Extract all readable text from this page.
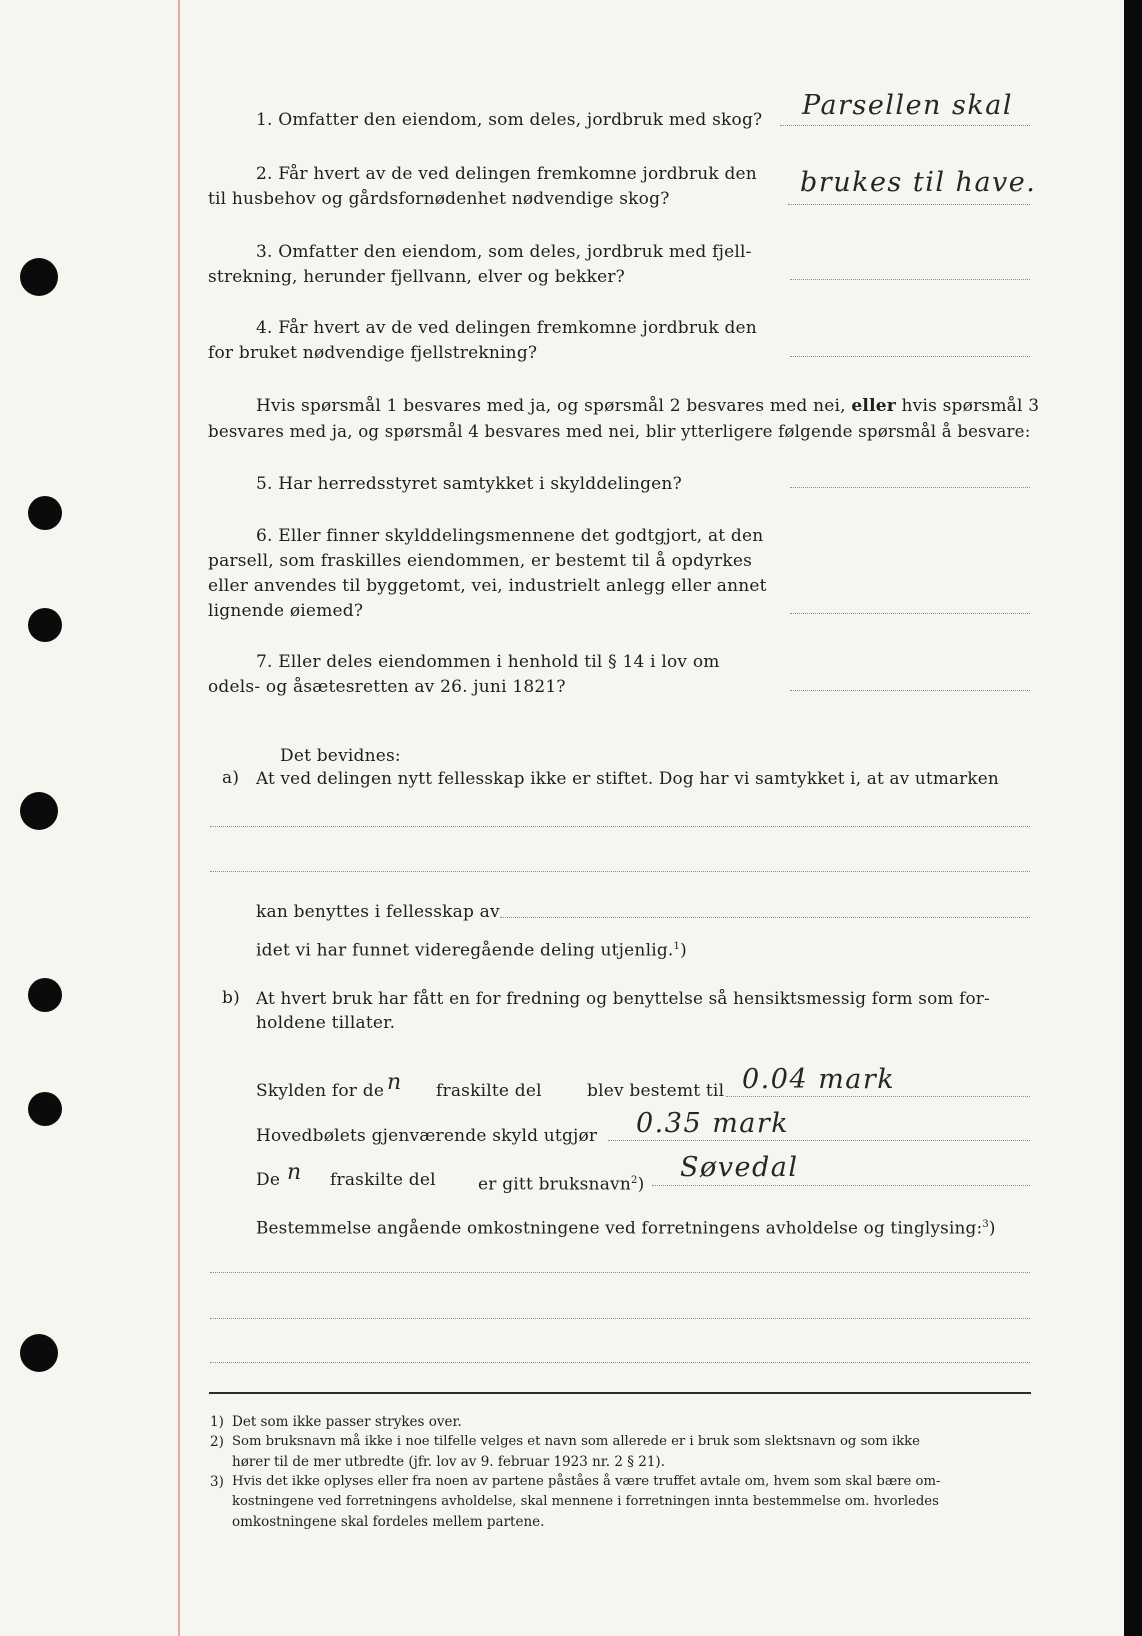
1. Omfatter den eiendom, som deles, jordbruk med skog? Parsellen skal
2. Får hvert av de ved delingen fremkomne jordbruk den
til husbehov og gårdsfornødenhet nødvendige skog?
brukes til have.
3. Omfatter den eiendom, som deles, jordbruk med fjell-
strekning, herunder fjellvann, elver og bekker?
4. Får hvert av de ved delingen fremkomne jordbruk den
for bruket nødvendige fjellstrekning?
Hvis spørsmål 1 besvares med ja, og spørsmål 2 besvares med nei, eller hvis spørsmål 3
besvares med ja, og spørsmål 4 besvares med nei, blir ytterligere følgende spørsmål å besvare:
5. Har herredsstyret samtykket i skylddelingen?
6. Eller finner skylddelingsmennene det godtgjort, at den
parsell, som fraskilles eiendommen, er bestemt til å opdyrkes
eller anvendes til byggetomt, vei, industrielt anlegg eller annet
lignende øiemed?
7. Eller deles eiendommen i henhold til § 14 i lov om
odels- og åsætesretten av 26. juni 1821?
Det bevidnes:
a) At ved delingen nytt fellesskap ikke er stiftet. Dog har vi samtykket i, at av utmarken
kan benyttes i fellesskap av
idet vi har funnet videregående deling utjenlig.$^1$)
b) At hvert bruk har fått en for fredning og benyttelse så hensiktsmessig form som for-
holdene tillater.
Skylden for de n fraskilte del	blev bestemt til 0.04 mark
Hovedbølets gjenværende skyld utgjør 0.35 mark
De n fraskilte del er gitt bruksnavn$^2$)
Søvedal
Bestemmelse angående omkostningene ved forretningens avholdelse og tinglysing:$^3$)
1) Det som ikke passer strykes over.
2) Som bruksnavn må ikke i noe tilfelle velges et navn som allerede er i bruk som slektsnavn og som ikke
hører til de mer utbredte (jfr. lov av 9. februar 1923 nr. 2 § 21).
3) Hvis det ikke oplyses eller fra noen av partene påståes å være truffet avtale om, hvem som skal bære om-
kostningene ved forretningens avholdelse, skal mennene i forretningen innta bestemmelse om. hvorledes
omkostningene skal fordeles mellem partene.
